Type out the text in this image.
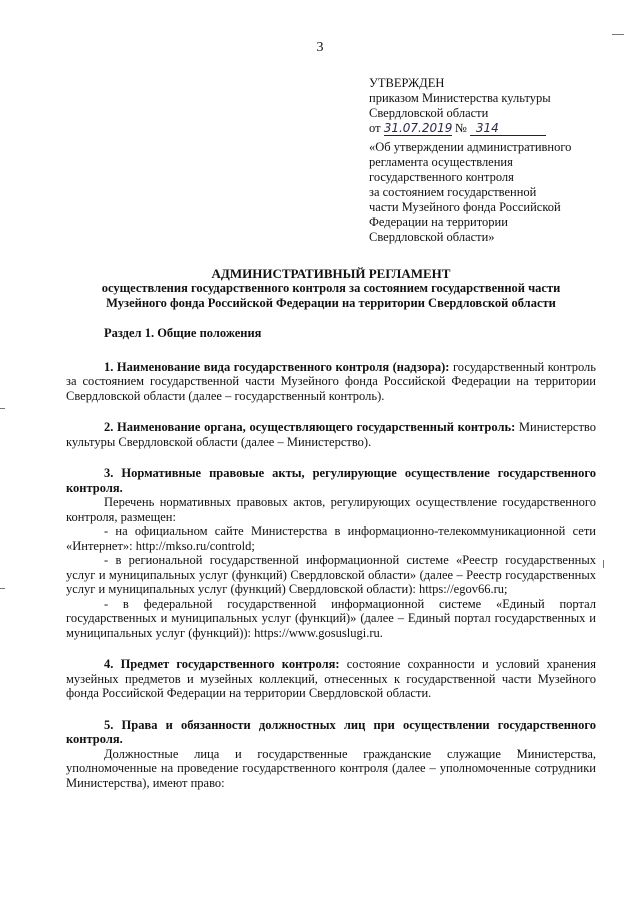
3
УТВЕРЖДЕН
приказом Министерства культуры
Свердловской области
от 31.07.2019 № 314
«Об утверждении административного
регламента осуществления
государственного контроля
за состоянием государственной
части Музейного фонда Российской
Федерации на территории
Свердловской области»
АДМИНИСТРАТИВНЫЙ РЕГЛАМЕНТ
осуществления государственного контроля за состоянием государственной части
Музейного фонда Российской Федерации на территории Свердловской области

Раздел 1. Общие положения

1. Наименование вида государственного контроля (надзора): государственный контроль за состоянием государственной части Музейного фонда Российской Федерации на территории Свердловской области (далее – государственный контроль).

2. Наименование органа, осуществляющего государственный контроль: Министерство культуры Свердловской области (далее – Министерство).

3. Нормативные правовые акты, регулирующие осуществление государственного контроля.

Перечень нормативных правовых актов, регулирующих осуществление государственного контроля, размещен:

- на официальном сайте Министерства в информационно-телекоммуникационной сети «Интернет»: http://mkso.ru/controld;

- в региональной государственной информационной системе «Реестр государственных услуг и муниципальных услуг (функций) Свердловской области» (далее – Реестр государственных услуг и муниципальных услуг (функций) Свердловской области): https://egov66.ru;

- в федеральной государственной информационной системе «Единый портал государственных и муниципальных услуг (функций)» (далее – Единый портал государственных и муниципальных услуг (функций)): https://www.gosuslugi.ru.

4. Предмет государственного контроля: состояние сохранности и условий хранения музейных предметов и музейных коллекций, отнесенных к государственной части Музейного фонда Российской Федерации на территории Свердловской области.

5. Права и обязанности должностных лиц при осуществлении государственного контроля.

Должностные лица и государственные гражданские служащие Министерства, уполномоченные на проведение государственного контроля (далее – уполномоченные сотрудники Министерства), имеют право:
